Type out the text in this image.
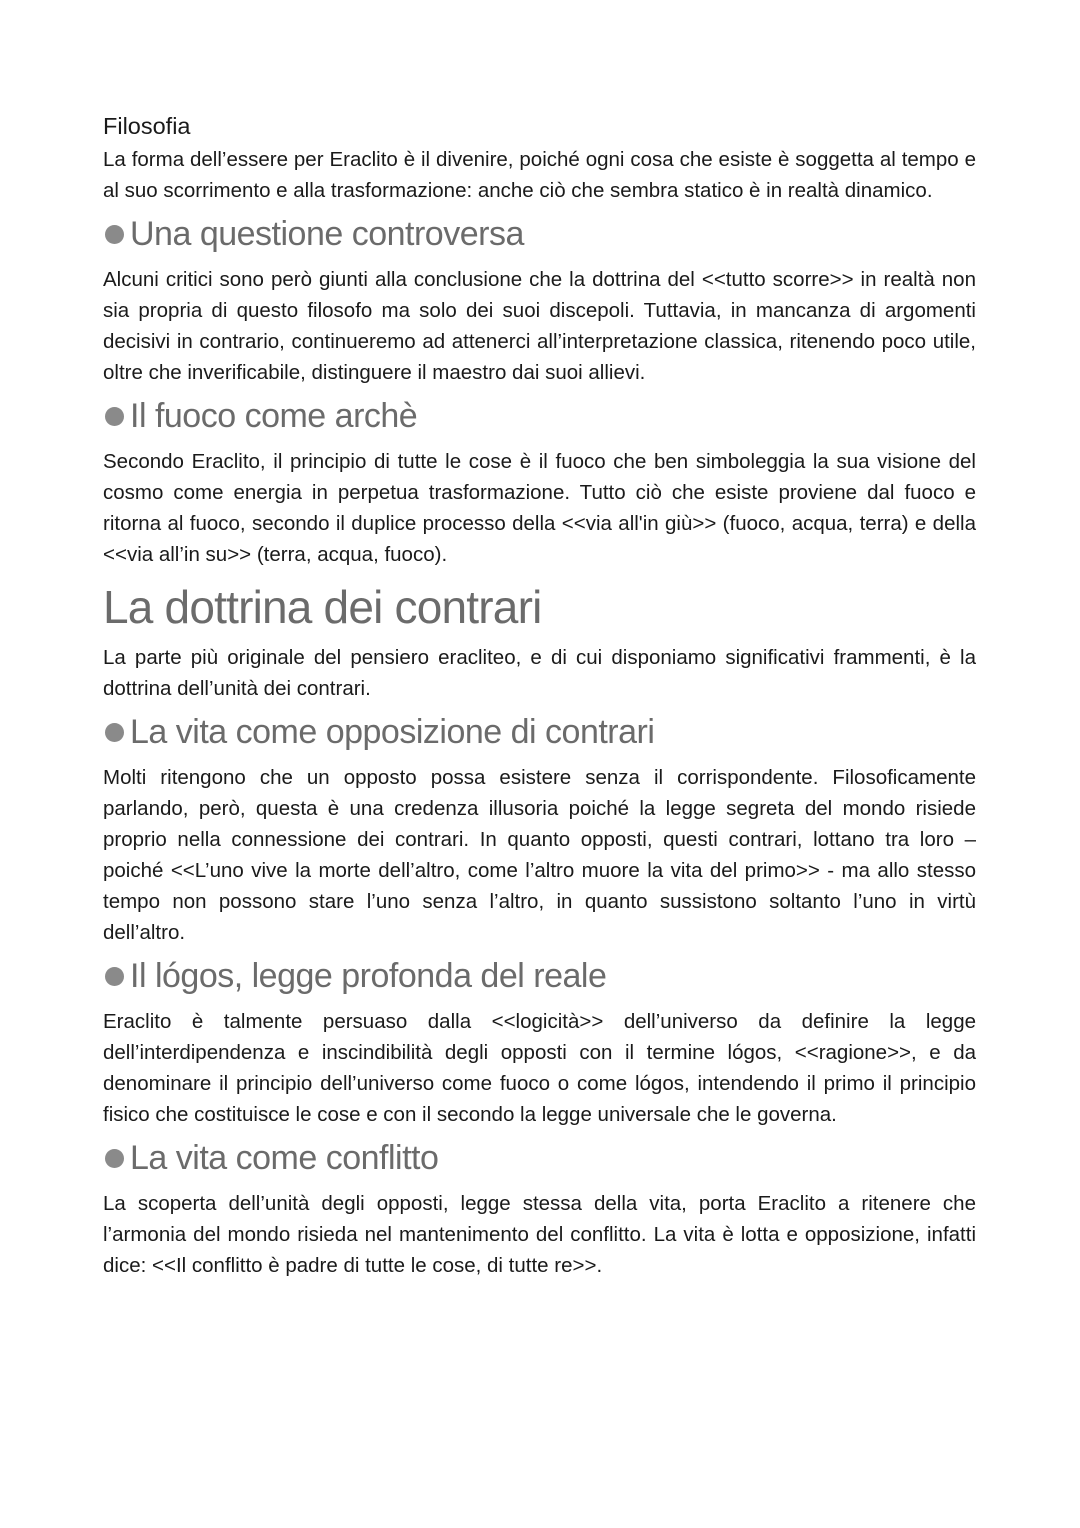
Filosofia

La forma dell’essere per Eraclito è il divenire, poiché ogni cosa che esiste è soggetta al tempo e al suo scorrimento e alla trasformazione: anche ciò che sembra statico è in realtà dinamico.

Una questione controversa

Alcuni critici sono però giunti alla conclusione che la dottrina del <<tutto scorre>> in realtà non sia propria di questo filosofo ma solo dei suoi discepoli. Tuttavia, in mancanza di argomenti decisivi in contrario, continueremo ad attenerci all’interpretazione classica, ritenendo poco utile, oltre che inverificabile, distinguere il maestro dai suoi allievi.

Il fuoco come archè

Secondo Eraclito, il principio di tutte le cose è il fuoco che ben simboleggia la sua visione del cosmo come energia in perpetua trasformazione. Tutto ciò che esiste proviene dal fuoco e ritorna al fuoco, secondo il duplice processo della <<via all'in giù>> (fuoco, acqua, terra) e della <<via all’in su>> (terra, acqua, fuoco).

La dottrina dei contrari

La parte più originale del pensiero eracliteo, e di cui disponiamo significativi frammenti, è la dottrina dell’unità dei contrari.

La vita come opposizione di contrari

Molti ritengono che un opposto possa esistere senza il corrispondente. Filosoficamente parlando, però, questa è una credenza illusoria poiché la legge segreta del mondo risiede proprio nella connessione dei contrari. In quanto opposti, questi contrari, lottano tra loro – poiché <<L’uno vive la morte dell’altro, come l’altro muore la vita del primo>> - ma allo stesso tempo non possono stare l’uno senza l’altro, in quanto sussistono soltanto l’uno in virtù dell’altro.

Il lógos, legge profonda del reale

Eraclito è talmente persuaso dalla <<logicità>> dell’universo da definire la legge dell’interdipendenza e inscindibilità degli opposti con il termine lógos, <<ragione>>, e da denominare il principio dell’universo come fuoco o come lógos, intendendo il primo il principio fisico che costituisce le cose e con il secondo la legge universale che le governa.

La vita come conflitto

La scoperta dell’unità degli opposti, legge stessa della vita, porta Eraclito a ritenere che l’armonia del mondo risieda nel mantenimento del conflitto. La vita è lotta e opposizione, infatti dice: <<Il conflitto è padre di tutte le cose, di tutte re>>.
